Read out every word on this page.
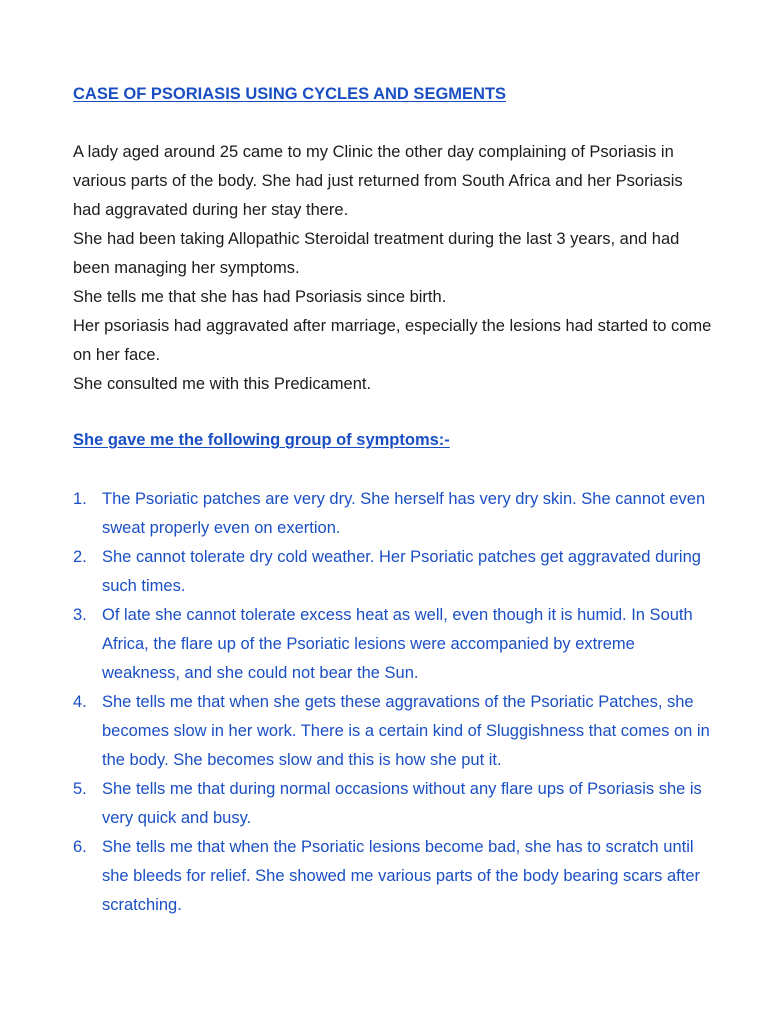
CASE OF PSORIASIS USING CYCLES AND SEGMENTS

A lady aged around 25 came to my Clinic the other day complaining of Psoriasis in various parts of the body. She had just returned from South Africa and her Psoriasis had aggravated during her stay there.

She had been taking Allopathic Steroidal treatment during the last 3 years, and had been managing her symptoms.

She tells me that she has had Psoriasis since birth.

Her psoriasis had aggravated after marriage, especially the lesions had started to come on her face.

She consulted me with this Predicament.

She gave me the following group of symptoms:-
1. The Psoriatic patches are very dry. She herself has very dry skin. She cannot even sweat properly even on exertion.
2. She cannot tolerate dry cold weather. Her Psoriatic patches get aggravated during such times.
3. Of late she cannot tolerate excess heat as well, even though it is humid. In South Africa, the flare up of the Psoriatic lesions were accompanied by extreme weakness, and she could not bear the Sun.
4. She tells me that when she gets these aggravations of the Psoriatic Patches, she becomes slow in her work. There is a certain kind of Sluggishness that comes on in the body. She becomes slow and this is how she put it.
5. She tells me that during normal occasions without any flare ups of Psoriasis she is very quick and busy.
6. She tells me that when the Psoriatic lesions become bad, she has to scratch until she bleeds for relief. She showed me various parts of the body bearing scars after scratching.
